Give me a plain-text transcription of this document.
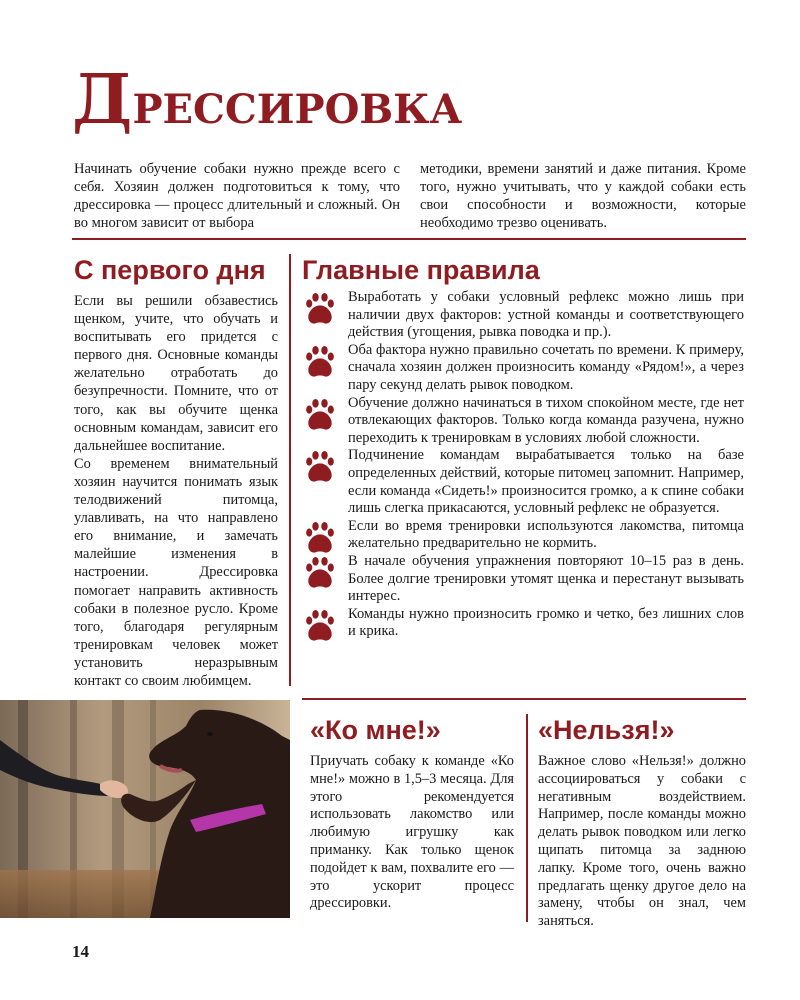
ДРЕССИРОВКА

Начинать обучение собаки нужно прежде всего с себя. Хозяин должен подготовиться к тому, что дрессировка — процесс длительный и сложный. Он во многом зависит от выбора

методики, времени занятий и даже питания. Кроме того, нужно учитывать, что у каждой собаки есть свои способности и возможности, которые необходимо трезво оценивать.

С первого дня Главные правила

Если вы решили обзавестись щенком, учите, что обучать и воспитывать его придется с первого дня. Основные команды желательно отработать до безупречности. Помните, что от того, как вы обучите щенка основным командам, зависит его дальнейшее воспитание.

Со временем внимательный хозяин научится понимать язык телодвижений питомца, улавливать, на что направлено его внимание, и замечать малейшие изменения в настроении. Дрессировка помогает направить активность собаки в полезное русло. Кроме того, благодаря регулярным тренировкам человек может установить неразрывным контакт со своим любимцем.

Выработать у собаки условный рефлекс можно лишь при наличии двух факторов: устной команды и соответствующего действия (угощения, рывка поводка и пр.).

Оба фактора нужно правильно сочетать по времени. К примеру, сначала хозяин должен произносить команду «Рядом!», а через пару секунд делать рывок поводком.

Обучение должно начинаться в тихом спокойном месте, где нет отвлекающих факторов. Только когда команда разучена, нужно переходить к тренировкам в условиях любой сложности.

Подчинение командам вырабатывается только на базе определенных действий, которые питомец запомнит. Например, если команда «Сидеть!» произносится громко, а к спине собаки лишь слегка прикасаются, условный рефлекс не образуется.

Если во время тренировки используются лакомства, питомца желательно предварительно не кормить.

В начале обучения упражнения повторяют 10–15 раз в день. Более долгие тренировки утомят щенка и перестанут вызывать интерес.

Команды нужно произносить громко и четко, без лишних слов и крика.

«Ко мне!»

Приучать собаку к команде «Ко мне!» можно в 1,5–3 месяца. Для этого рекомендуется использовать лакомство или любимую игрушку как приманку. Как только щенок подойдет к вам, похвалите его — это ускорит процесс дрессировки.

«Нельзя!»

Важное слово «Нельзя!» должно ассоциироваться у собаки с негативным воздействием. Например, после команды можно делать рывок поводком или легко щипать питомца за заднюю лапку. Кроме того, очень важно предлагать щенку другое дело на замену, чтобы он знал, чем заняться.

14
